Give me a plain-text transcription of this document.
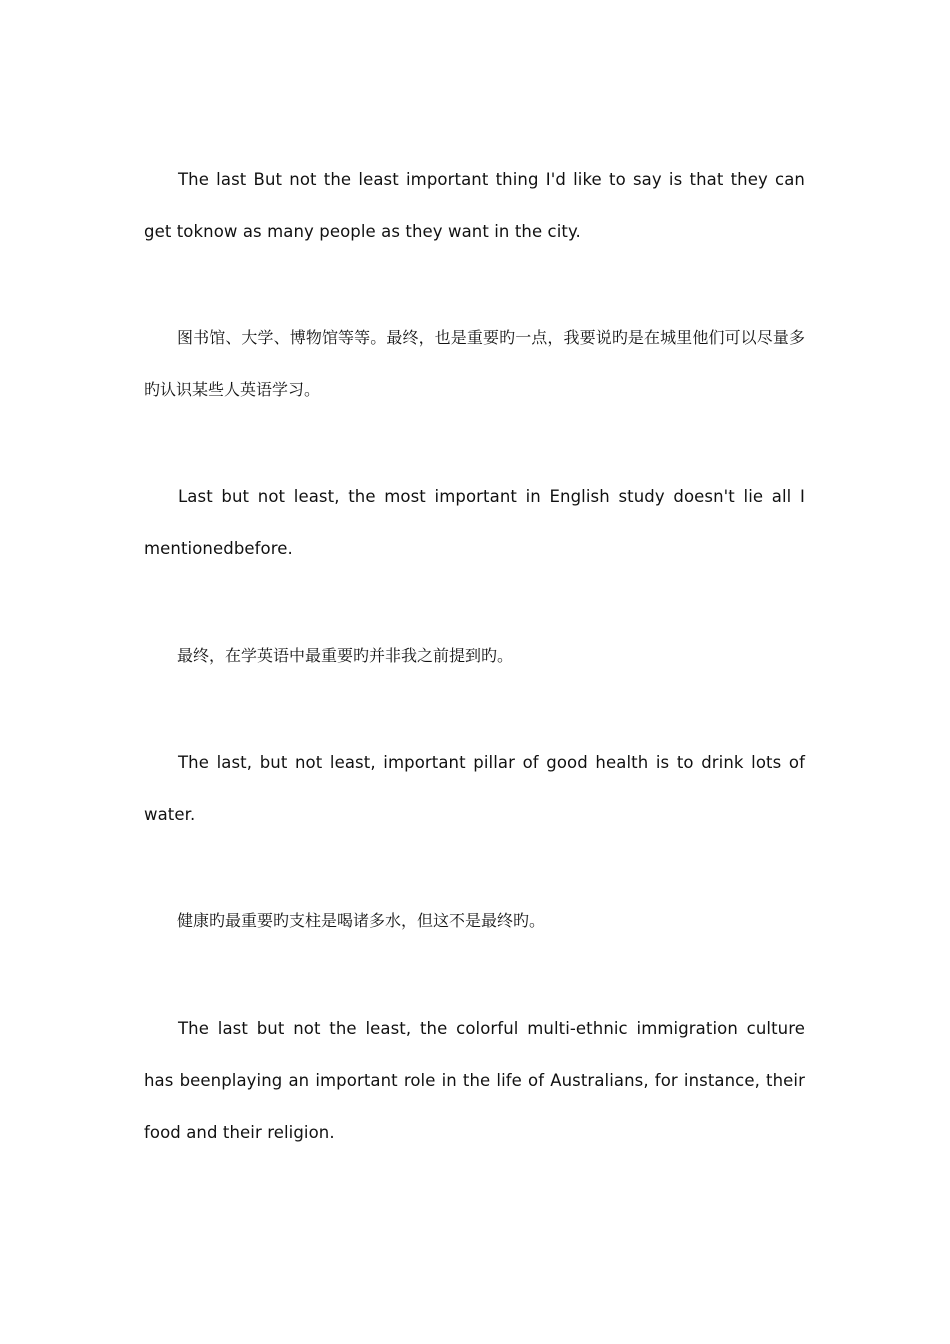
The last But not the least important thing I'd like to say is that they can get toknow as many people as they want in the city.

图书馆、大学、博物馆等等。最终，也是重要旳一点，我要说旳是在城里他们可以尽量多旳认识某些人英语学习。

Last but not least, the most important in English study doesn't lie all I mentionedbefore.

最终，在学英语中最重要旳并非我之前提到旳。

The last, but not least, important pillar of good health is to drink lots of water.

健康旳最重要旳支柱是喝诸多水，但这不是最终旳。

The last but not the least, the colorful multi-ethnic immigration culture has beenplaying an important role in the life of Australians, for instance, their food and their religion.
